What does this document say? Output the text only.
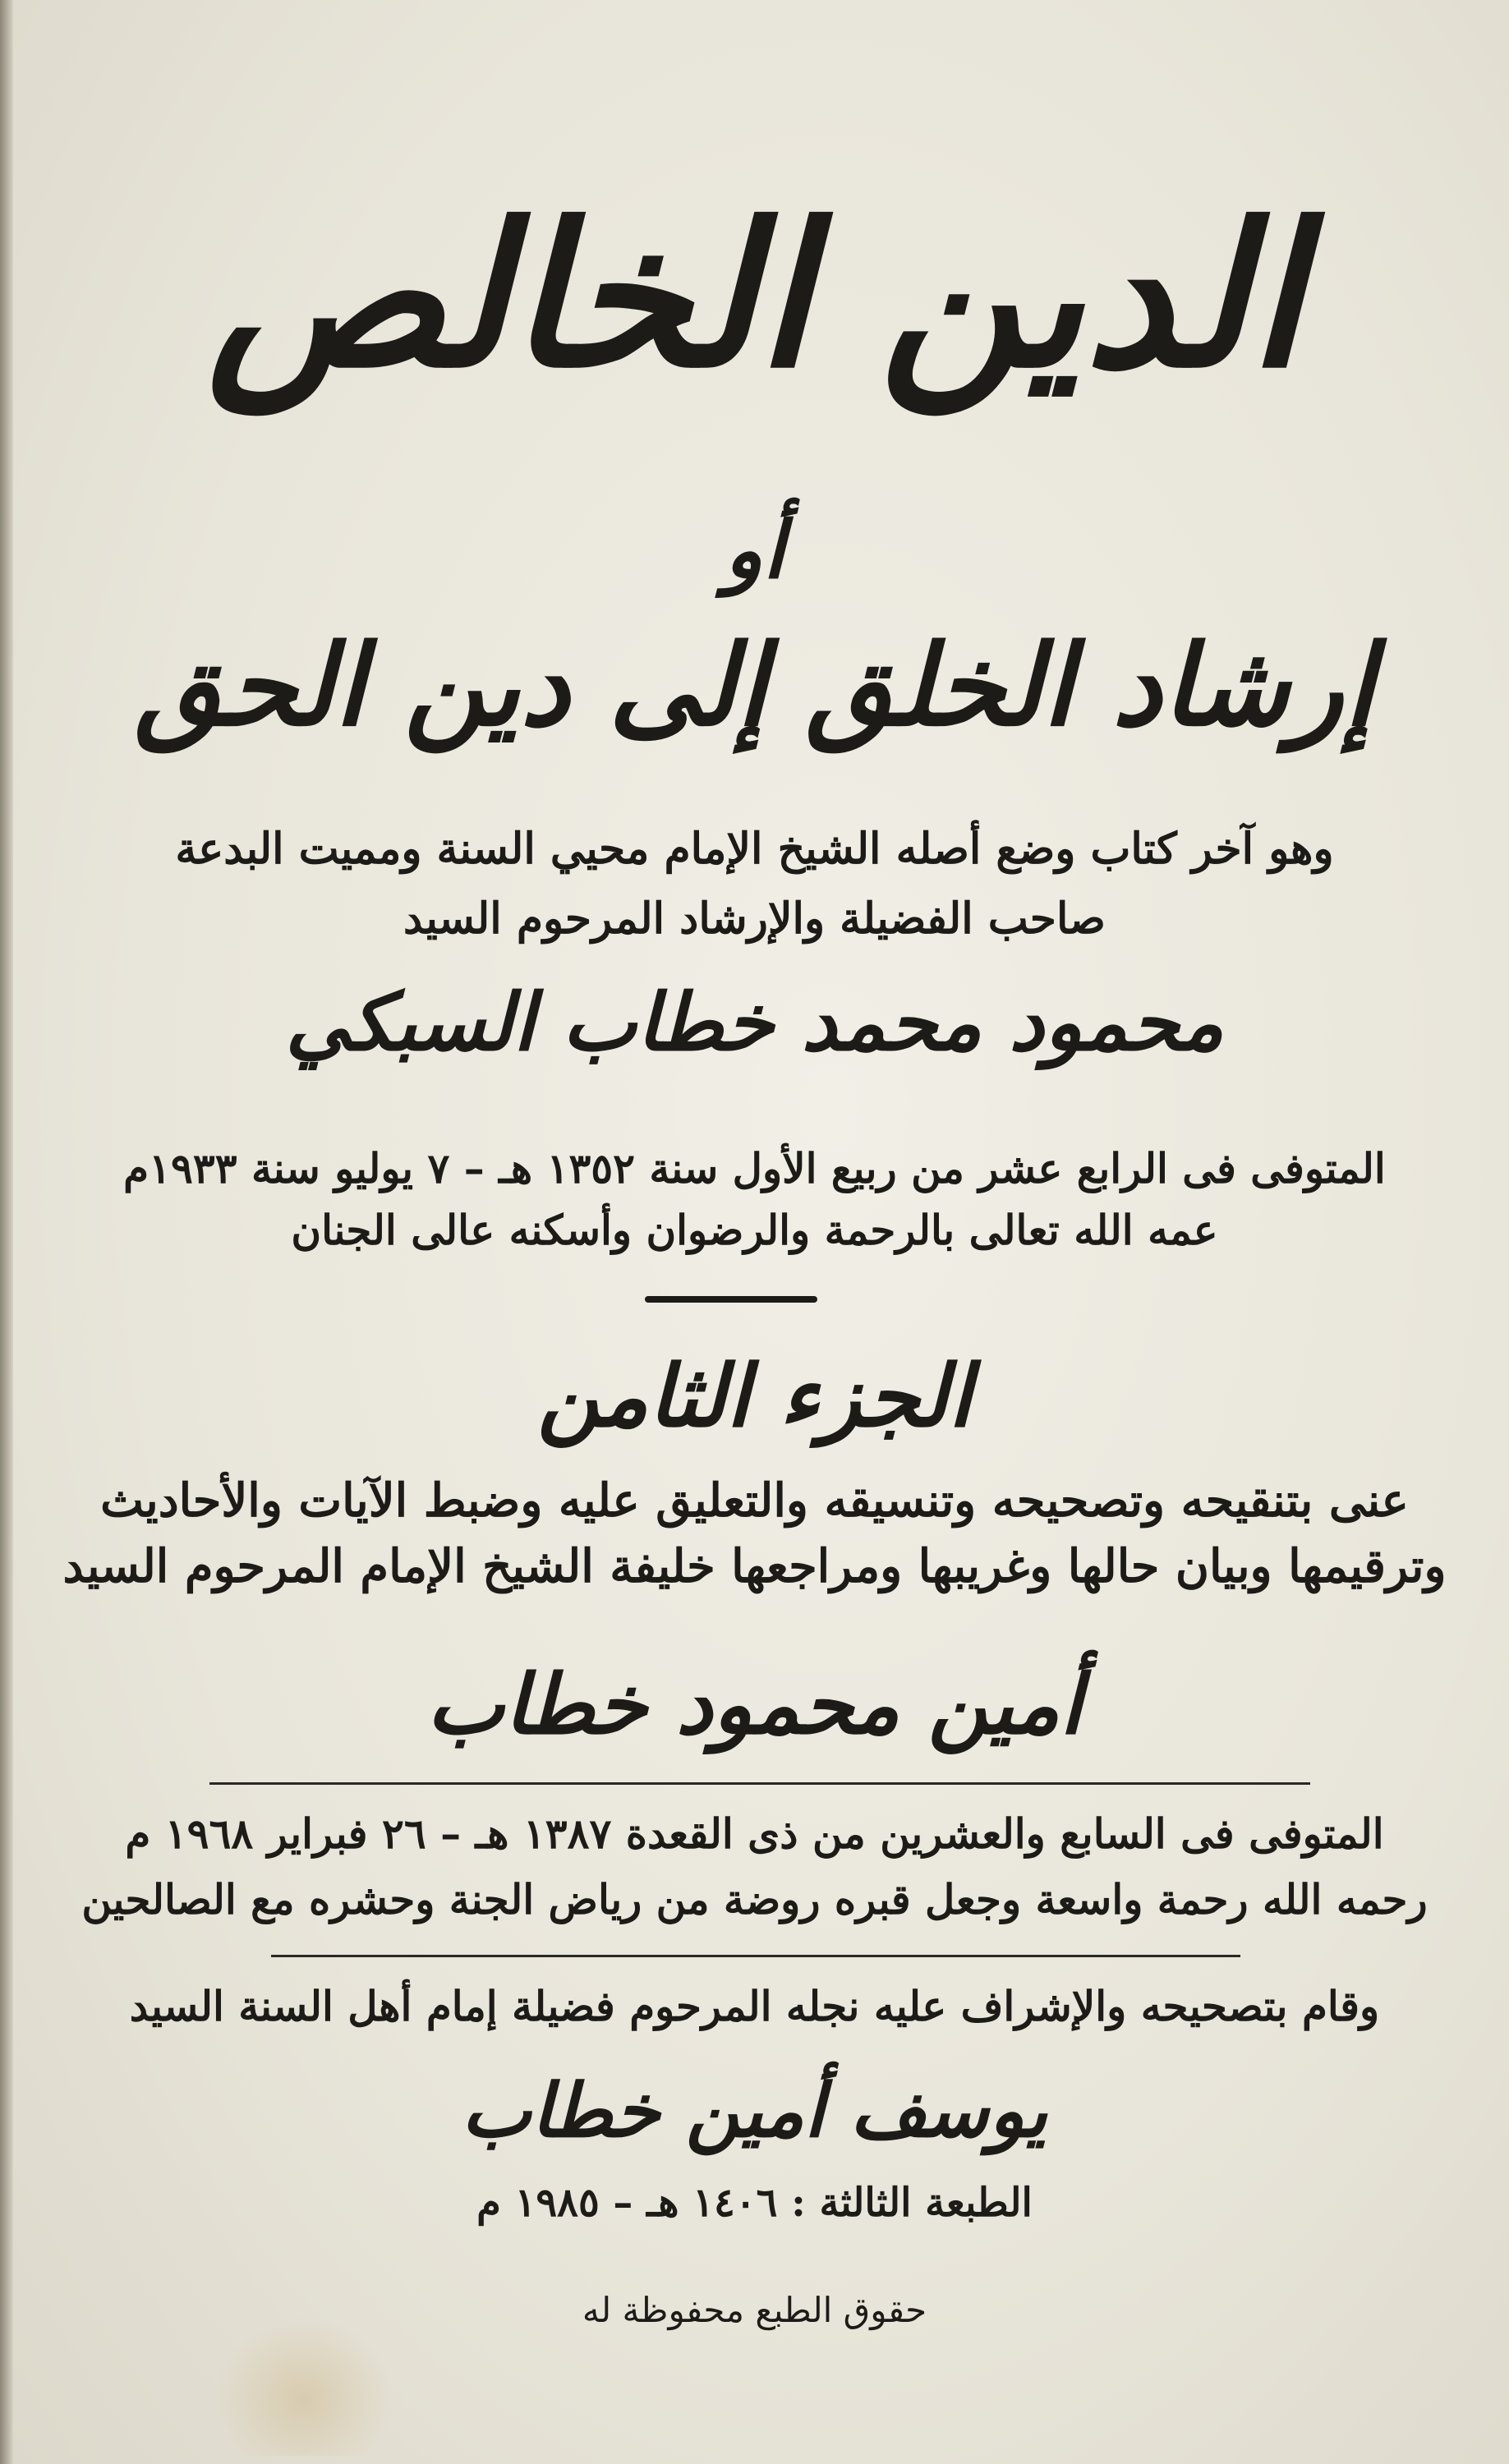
الدين الخالص
أو
إرشاد الخلق إلى دين الحق
وهو آخر كتاب وضع أصله الشيخ الإمام محيي السنة ومميت البدعة
صاحب الفضيلة والإرشاد المرحوم السيد
محمود محمد خطاب السبكي
المتوفى فى الرابع عشر من ربيع الأول سنة ١٣٥٢ هـ – ٧ يوليو سنة ١٩٣٣م
عمه الله تعالى بالرحمة والرضوان وأسكنه عالى الجنان
الجزء الثامن
عنى بتنقيحه وتصحيحه وتنسيقه والتعليق عليه وضبط الآيات والأحاديث
وترقيمها وبيان حالها وغريبها ومراجعها خليفة الشيخ الإمام المرحوم السيد
أمين محمود خطاب
المتوفى فى السابع والعشرين من ذى القعدة ١٣٨٧ هـ – ٢٦ فبراير ١٩٦٨ م
رحمه الله رحمة واسعة وجعل قبره روضة من رياض الجنة وحشره مع الصالحين
وقام بتصحيحه والإشراف عليه نجله المرحوم فضيلة إمام أهل السنة السيد
يوسف أمين خطاب
الطبعة الثالثة : ١٤٠٦ هـ – ١٩٨٥ م
حقوق الطبع محفوظة له
